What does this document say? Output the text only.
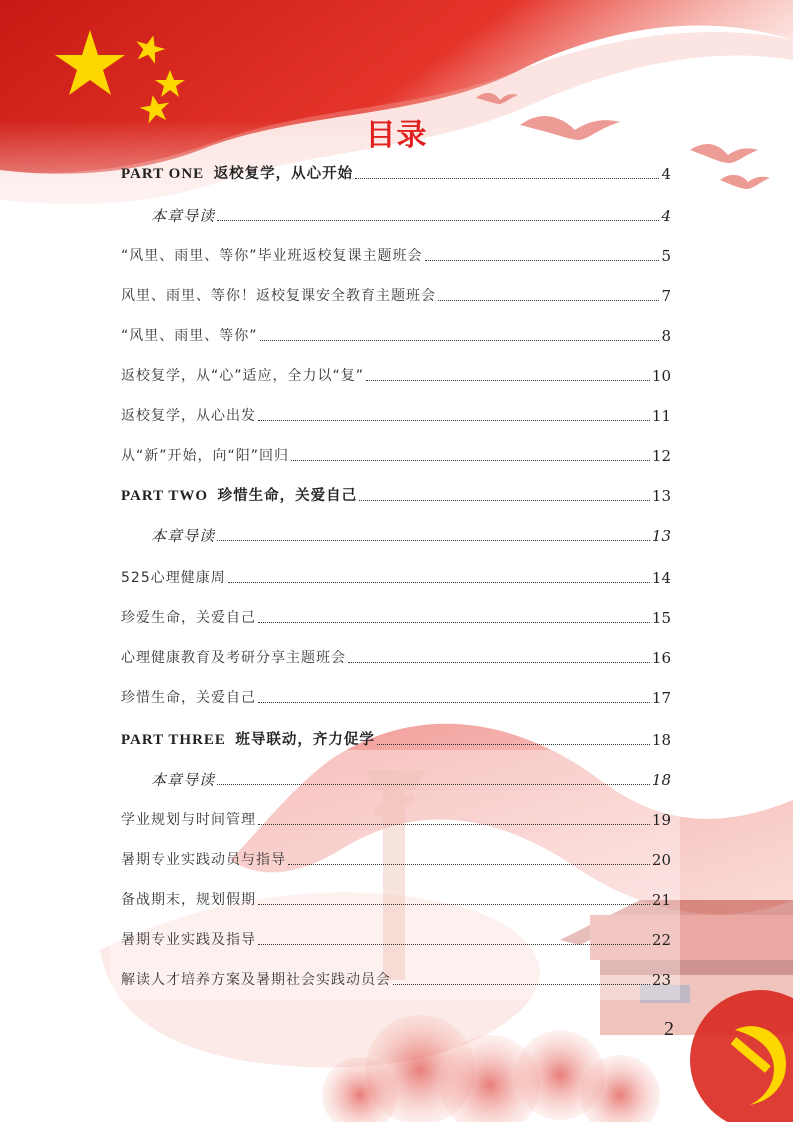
目录
PART ONE 返校复学，从心开始	4
本章导读	4
“风里、雨里、等你”毕业班返校复课主题班会	5
风里、雨里、等你！返校复课安全教育主题班会	7
“风里、雨里、等你”	8
返校复学，从“心”适应，全力以“复”	10
返校复学，从心出发	11
从“新”开始，向“阳”回归	12
PART TWO 珍惜生命，关爱自己	13
本章导读	13
525心理健康周	14
珍爱生命，关爱自己	15
心理健康教育及考研分享主题班会	16
珍惜生命，关爱自己	17
PART THREE 班导联动，齐力促学	18
本章导读	18
学业规划与时间管理	19
暑期专业实践动员与指导	20
备战期末，规划假期	21
暑期专业实践及指导	22
解读人才培养方案及暑期社会实践动员会	23
2
